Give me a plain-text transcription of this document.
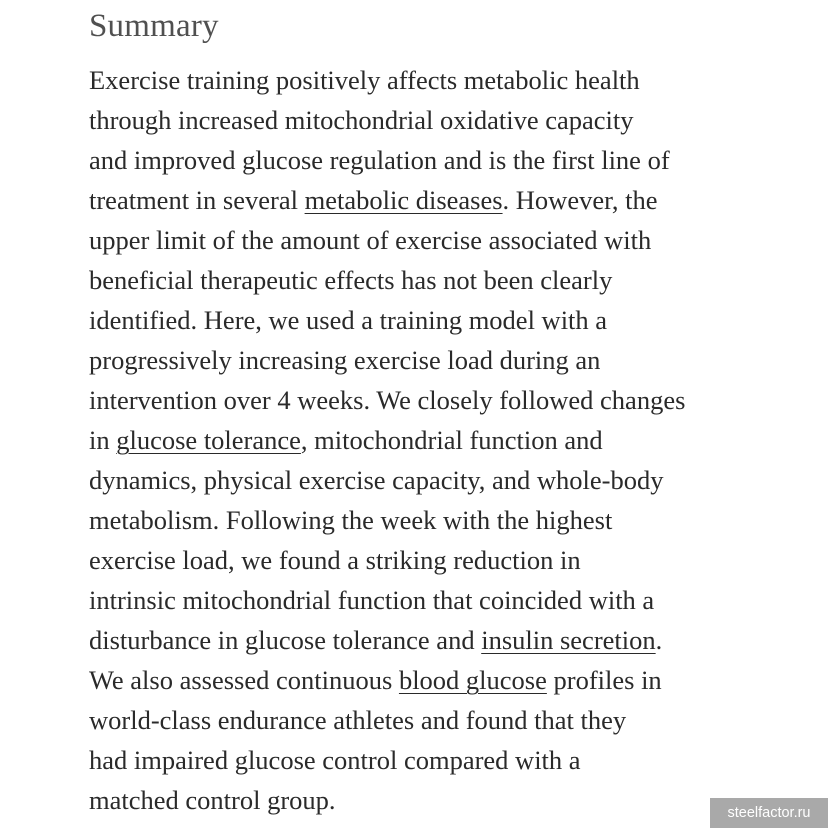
Summary
Exercise training positively affects metabolic health
through increased mitochondrial oxidative capacity
and improved glucose regulation and is the first line of
treatment in several metabolic diseases. However, the
upper limit of the amount of exercise associated with
beneficial therapeutic effects has not been clearly
identified. Here, we used a training model with a
progressively increasing exercise load during an
intervention over 4 weeks. We closely followed changes
in glucose tolerance, mitochondrial function and
dynamics, physical exercise capacity, and whole-body
metabolism. Following the week with the highest
exercise load, we found a striking reduction in
intrinsic mitochondrial function that coincided with a
disturbance in glucose tolerance and insulin secretion.
We also assessed continuous blood glucose profiles in
world-class endurance athletes and found that they
had impaired glucose control compared with a
matched control group.	steelfactor.ru
